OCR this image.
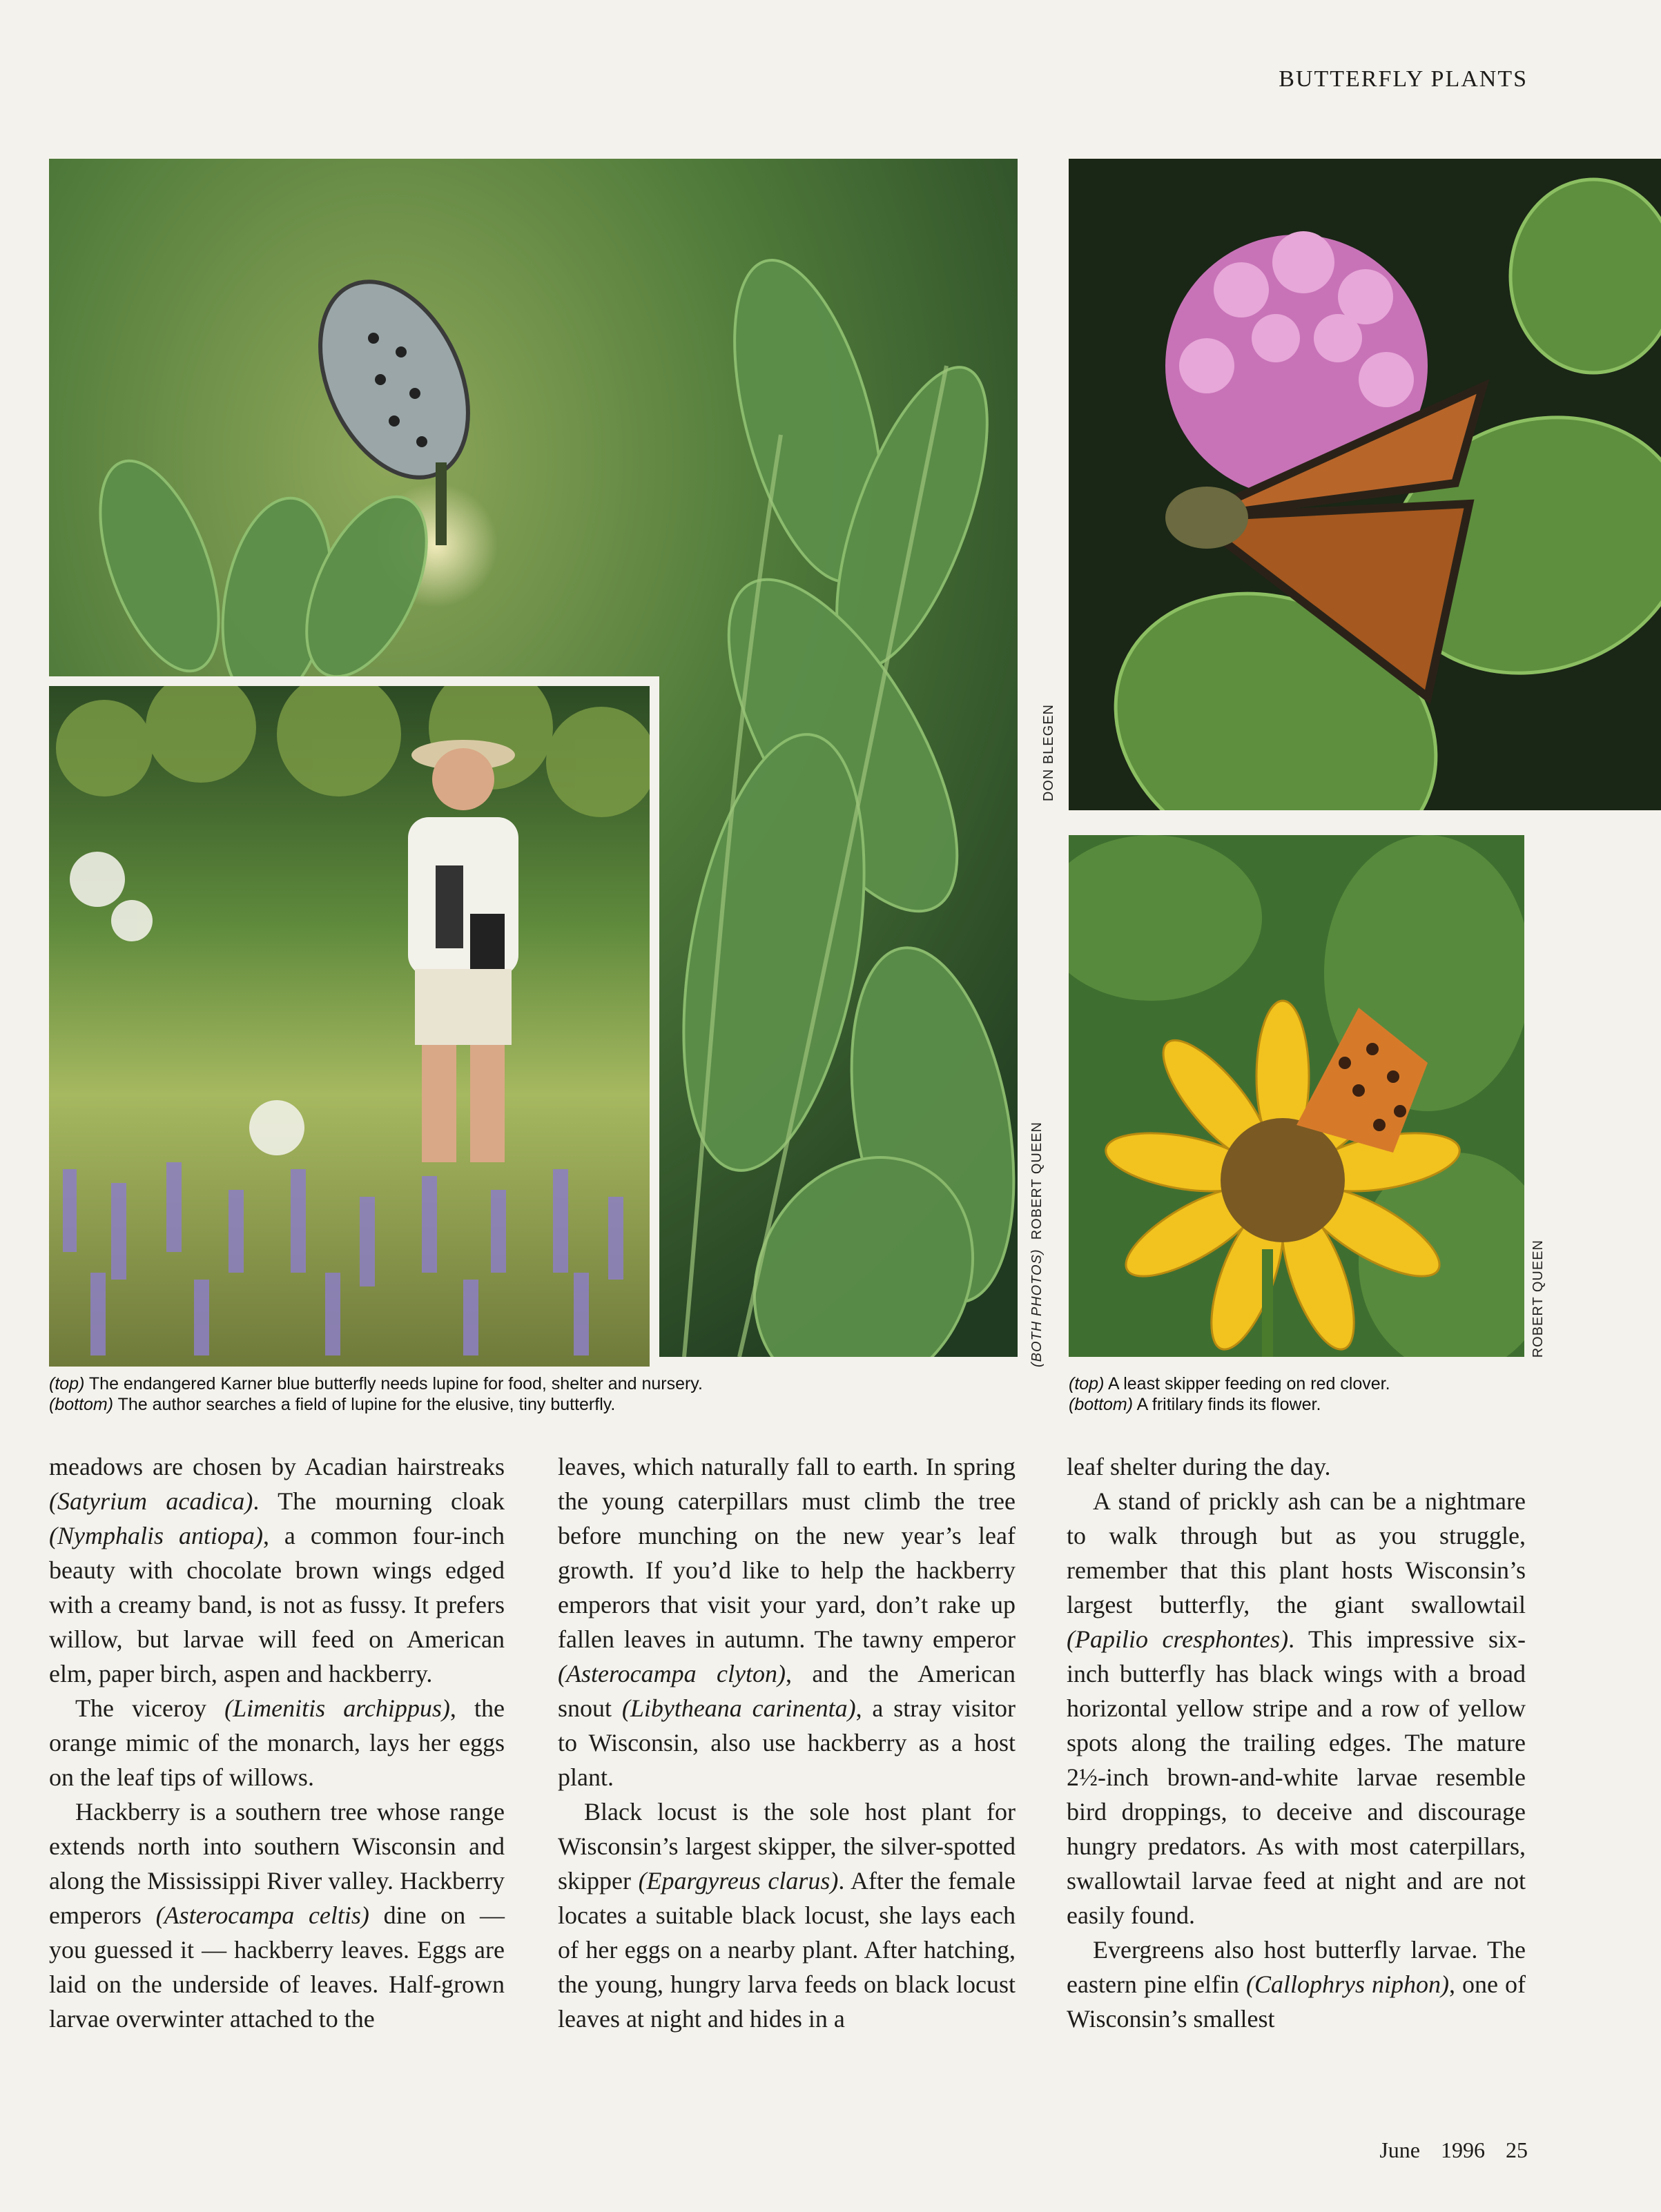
BUTTERFLY PLANTS
DON BLEGEN
(BOTH PHOTOS)  ROBERT QUEEN
ROBERT QUEEN
(top) The endangered Karner blue butterfly needs lupine for food, shelter and nursery.
(bottom) The author searches a field of lupine for the elusive, tiny butterfly.
(top) A least skipper feeding on red clover.
(bottom) A fritilary finds its flower.

meadows are chosen by Acadian hairstreaks (Satyrium acadica). The mourning cloak (Nymphalis antiopa), a common four-inch beauty with chocolate brown wings edged with a creamy band, is not as fussy. It prefers willow, but larvae will feed on American elm, paper birch, aspen and hackberry.

The viceroy (Limenitis archippus), the orange mimic of the monarch, lays her eggs on the leaf tips of willows.

Hackberry is a southern tree whose range extends north into southern Wisconsin and along the Mississippi River valley. Hackberry emperors (Asterocampa celtis) dine on — you guessed it — hackberry leaves. Eggs are laid on the underside of leaves. Half-grown larvae overwinter attached to the

leaves, which naturally fall to earth. In spring the young caterpillars must climb the tree before munching on the new year’s leaf growth. If you’d like to help the hackberry emperors that visit your yard, don’t rake up fallen leaves in autumn. The tawny emperor (Asterocampa clyton), and the American snout (Libytheana carinenta), a stray visitor to Wisconsin, also use hackberry as a host plant.

Black locust is the sole host plant for Wisconsin’s largest skipper, the silver-spotted skipper (Epargyreus clarus). After the female locates a suitable black locust, she lays each of her eggs on a nearby plant. After hatching, the young, hungry larva feeds on black locust leaves at night and hides in a

leaf shelter during the day.

A stand of prickly ash can be a nightmare to walk through but as you struggle, remember that this plant hosts Wisconsin’s largest butterfly, the giant swallowtail (Papilio cresphontes). This impressive six-inch butterfly has black wings with a broad horizontal yellow stripe and a row of yellow spots along the trailing edges. The mature 2½-inch brown-and-white larvae resemble bird droppings, to deceive and discourage hungry predators. As with most caterpillars, swallowtail larvae feed at night and are not easily found.

Evergreens also host butterfly larvae. The eastern pine elfin (Callophrys niphon), one of Wisconsin’s smallest

June 1996 25
